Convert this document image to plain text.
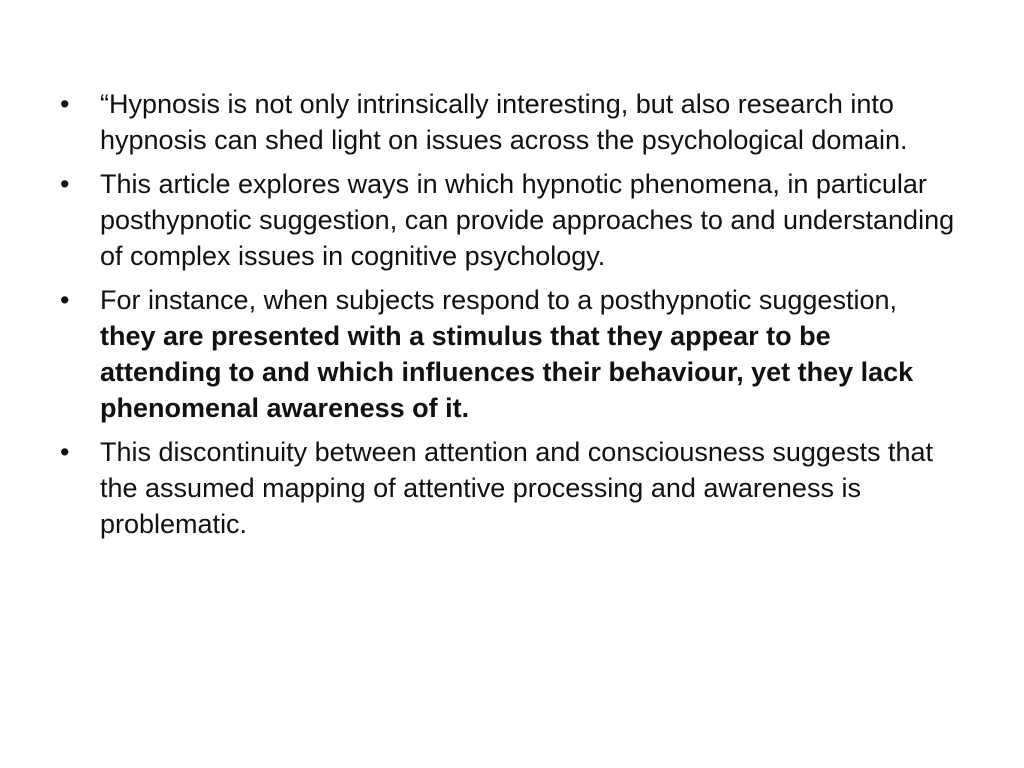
•	“Hypnosis is not only intrinsically interesting, but also research into hypnosis can shed light on issues across the psychological domain.
•	This article explores ways in which hypnotic phenomena, in particular posthypnotic suggestion, can provide approaches to and understanding of complex issues in cognitive psychology.
•	For instance, when subjects respond to a posthypnotic suggestion, they are presented with a stimulus that they appear to be attending to and which influences their behaviour, yet they lack phenomenal awareness of it.
•	This discontinuity between attention and consciousness suggests that the assumed mapping of attentive processing and awareness is problematic.
